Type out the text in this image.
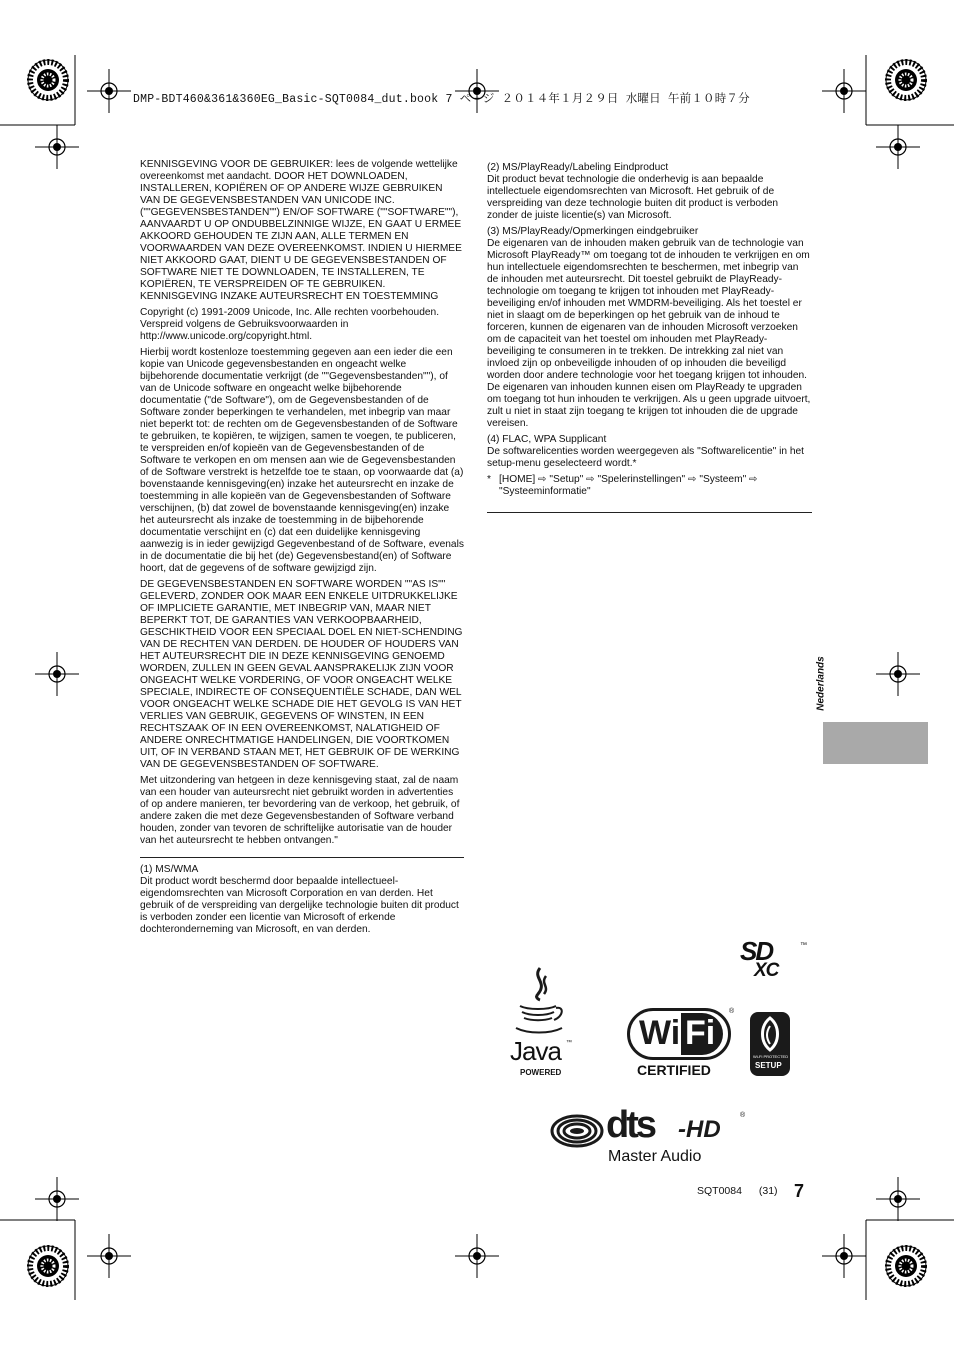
DMP-BDT460&361&360EG_Basic-SQT0084_dut.book 7 ページ ２０１４年１月２９日 水曜日 午前１０時７分

KENNISGEVING VOOR DE GEBRUIKER: lees de volgende wettelijke overeenkomst met aandacht. DOOR HET DOWNLOADEN, INSTALLEREN, KOPIËREN OF OP ANDERE WIJZE GEBRUIKEN VAN DE GEGEVENSBESTANDEN VAN UNICODE INC. (""GEGEVENSBESTANDEN"") EN/OF SOFTWARE (""SOFTWARE""), AANVAARDT U OP ONDUBBELZINNIGE WIJZE, EN GAAT U ERMEE AKKOORD GEHOUDEN TE ZIJN AAN, ALLE TERMEN EN VOORWAARDEN VAN DEZE OVEREENKOMST. INDIEN U HIERMEE NIET AKKOORD GAAT, DIENT U DE GEGEVENSBESTANDEN OF SOFTWARE NIET TE DOWNLOADEN, TE INSTALLEREN, TE KOPIËREN, TE VERSPREIDEN OF TE GEBRUIKEN.

KENNISGEVING INZAKE AUTEURSRECHT EN TOESTEMMING

Copyright (c) 1991-2009 Unicode, Inc. Alle rechten voorbehouden. Verspreid volgens de Gebruiksvoorwaarden in http://www.unicode.org/copyright.html.

Hierbij wordt kostenloze toestemming gegeven aan een ieder die een kopie van Unicode gegevensbestanden en ongeacht welke bijbehorende documentatie verkrijgt (de ""Gegevensbestanden""), of van de Unicode software en ongeacht welke bijbehorende documentatie ("de Software"), om de Gegevensbestanden of de Software zonder beperkingen te verhandelen, met inbegrip van maar niet beperkt tot: de rechten om de Gegevensbestanden of de Software te gebruiken, te kopiëren, te wijzigen, samen te voegen, te publiceren, te verspreiden en/of kopieën van de Gegevensbestanden of de Software te verkopen en om mensen aan wie de Gegevensbestanden of de Software verstrekt is hetzelfde toe te staan, op voorwaarde dat (a) bovenstaande kennisgeving(en) inzake het auteursrecht en inzake de toestemming in alle kopieën van de Gegevensbestanden of Software verschijnen, (b) dat zowel de bovenstaande kennisgeving(en) inzake het auteursrecht als inzake de toestemming in de bijbehorende documentatie verschijnt en (c) dat een duidelijke kennisgeving aanwezig is in ieder gewijzigd Gegevenbestand of de Software, evenals in de documentatie die bij het (de) Gegevensbestand(en) of Software hoort, dat de gegevens of de software gewijzigd zijn.

DE GEGEVENSBESTANDEN EN SOFTWARE WORDEN ""AS IS"" GELEVERD, ZONDER OOK MAAR EEN ENKELE UITDRUKKELIJKE OF IMPLICIETE GARANTIE, MET INBEGRIP VAN, MAAR NIET BEPERKT TOT, DE GARANTIES VAN VERKOOPBAARHEID, GESCHIKTHEID VOOR EEN SPECIAAL DOEL EN NIET-SCHENDING VAN DE RECHTEN VAN DERDEN. DE HOUDER OF HOUDERS VAN HET AUTEURSRECHT DIE IN DEZE KENNISGEVING GENOEMD WORDEN, ZULLEN IN GEEN GEVAL AANSPRAKELIJK ZIJN VOOR ONGEACHT WELKE VORDERING, OF VOOR ONGEACHT WELKE SPECIALE, INDIRECTE OF CONSEQUENTIËLE SCHADE, DAN WEL VOOR ONGEACHT WELKE SCHADE DIE HET GEVOLG IS VAN HET VERLIES VAN GEBRUIK, GEGEVENS OF WINSTEN, IN EEN RECHTSZAAK OF IN EEN OVEREENKOMST, NALATIGHEID OF ANDERE ONRECHTMATIGE HANDELINGEN, DIE VOORTKOMEN UIT, OF IN VERBAND STAAN MET, HET GEBRUIK OF DE WERKING VAN DE GEGEVENSBESTANDEN OF SOFTWARE.

Met uitzondering van hetgeen in deze kennisgeving staat, zal de naam van een houder van auteursrecht niet gebruikt worden in advertenties of op andere manieren, ter bevordering van de verkoop, het gebruik, of andere zaken die met deze Gegevensbestanden of Software verband houden, zonder van tevoren de schriftelijke autorisatie van de houder van het auteursrecht te hebben ontvangen."

(1) MS/WMA

Dit product wordt beschermd door bepaalde intellectueel-eigendomsrechten van Microsoft Corporation en van derden. Het gebruik of de verspreiding van dergelijke technologie buiten dit product is verboden zonder een licentie van Microsoft of erkende dochteronderneming van Microsoft, en van derden.

(2) MS/PlayReady/Labeling Eindproduct

Dit product bevat technologie die onderhevig is aan bepaalde intellectuele eigendomsrechten van Microsoft. Het gebruik of de verspreiding van deze technologie buiten dit product is verboden zonder de juiste licentie(s) van Microsoft.

(3) MS/PlayReady/Opmerkingen eindgebruiker

De eigenaren van de inhouden maken gebruik van de technologie van Microsoft PlayReady™ om toegang tot de inhouden te verkrijgen en om hun intellectuele eigendomsrechten te beschermen, met inbegrip van de inhouden met auteursrecht. Dit toestel gebruikt de PlayReady-technologie om toegang te krijgen tot inhouden met PlayReady-beveiliging en/of inhouden met WMDRM-beveiliging. Als het toestel er niet in slaagt om de beperkingen op het gebruik van de inhoud te forceren, kunnen de eigenaren van de inhouden Microsoft verzoeken om de capaciteit van het toestel om inhouden met PlayReady-beveiliging te consumeren in te trekken. De intrekking zal niet van invloed zijn op onbeveiligde inhouden of op inhouden die beveiligd worden door andere technologie voor het toegang krijgen tot inhouden. De eigenaren van inhouden kunnen eisen om PlayReady te upgraden om toegang tot hun inhouden te verkrijgen. Als u geen upgrade uitvoert, zult u niet in staat zijn toegang te krijgen tot inhouden die de upgrade vereisen.

(4) FLAC, WPA Supplicant

De softwarelicenties worden weergegeven als "Softwarelicentie" in het setup-menu geselecteerd wordt.*

* [HOME] ⇨ "Setup" ⇨ "Spelerinstellingen" ⇨ "Systeem" ⇨ "Systeeminformatie"
Nederlands
SD	™
XC
Java ™
POWERED
Wi Fi
®
CERTIFIED
Wi-Fi PROTECTED
SETUP
dts -HD
®
Master Audio
SQT0084 (31) 7
